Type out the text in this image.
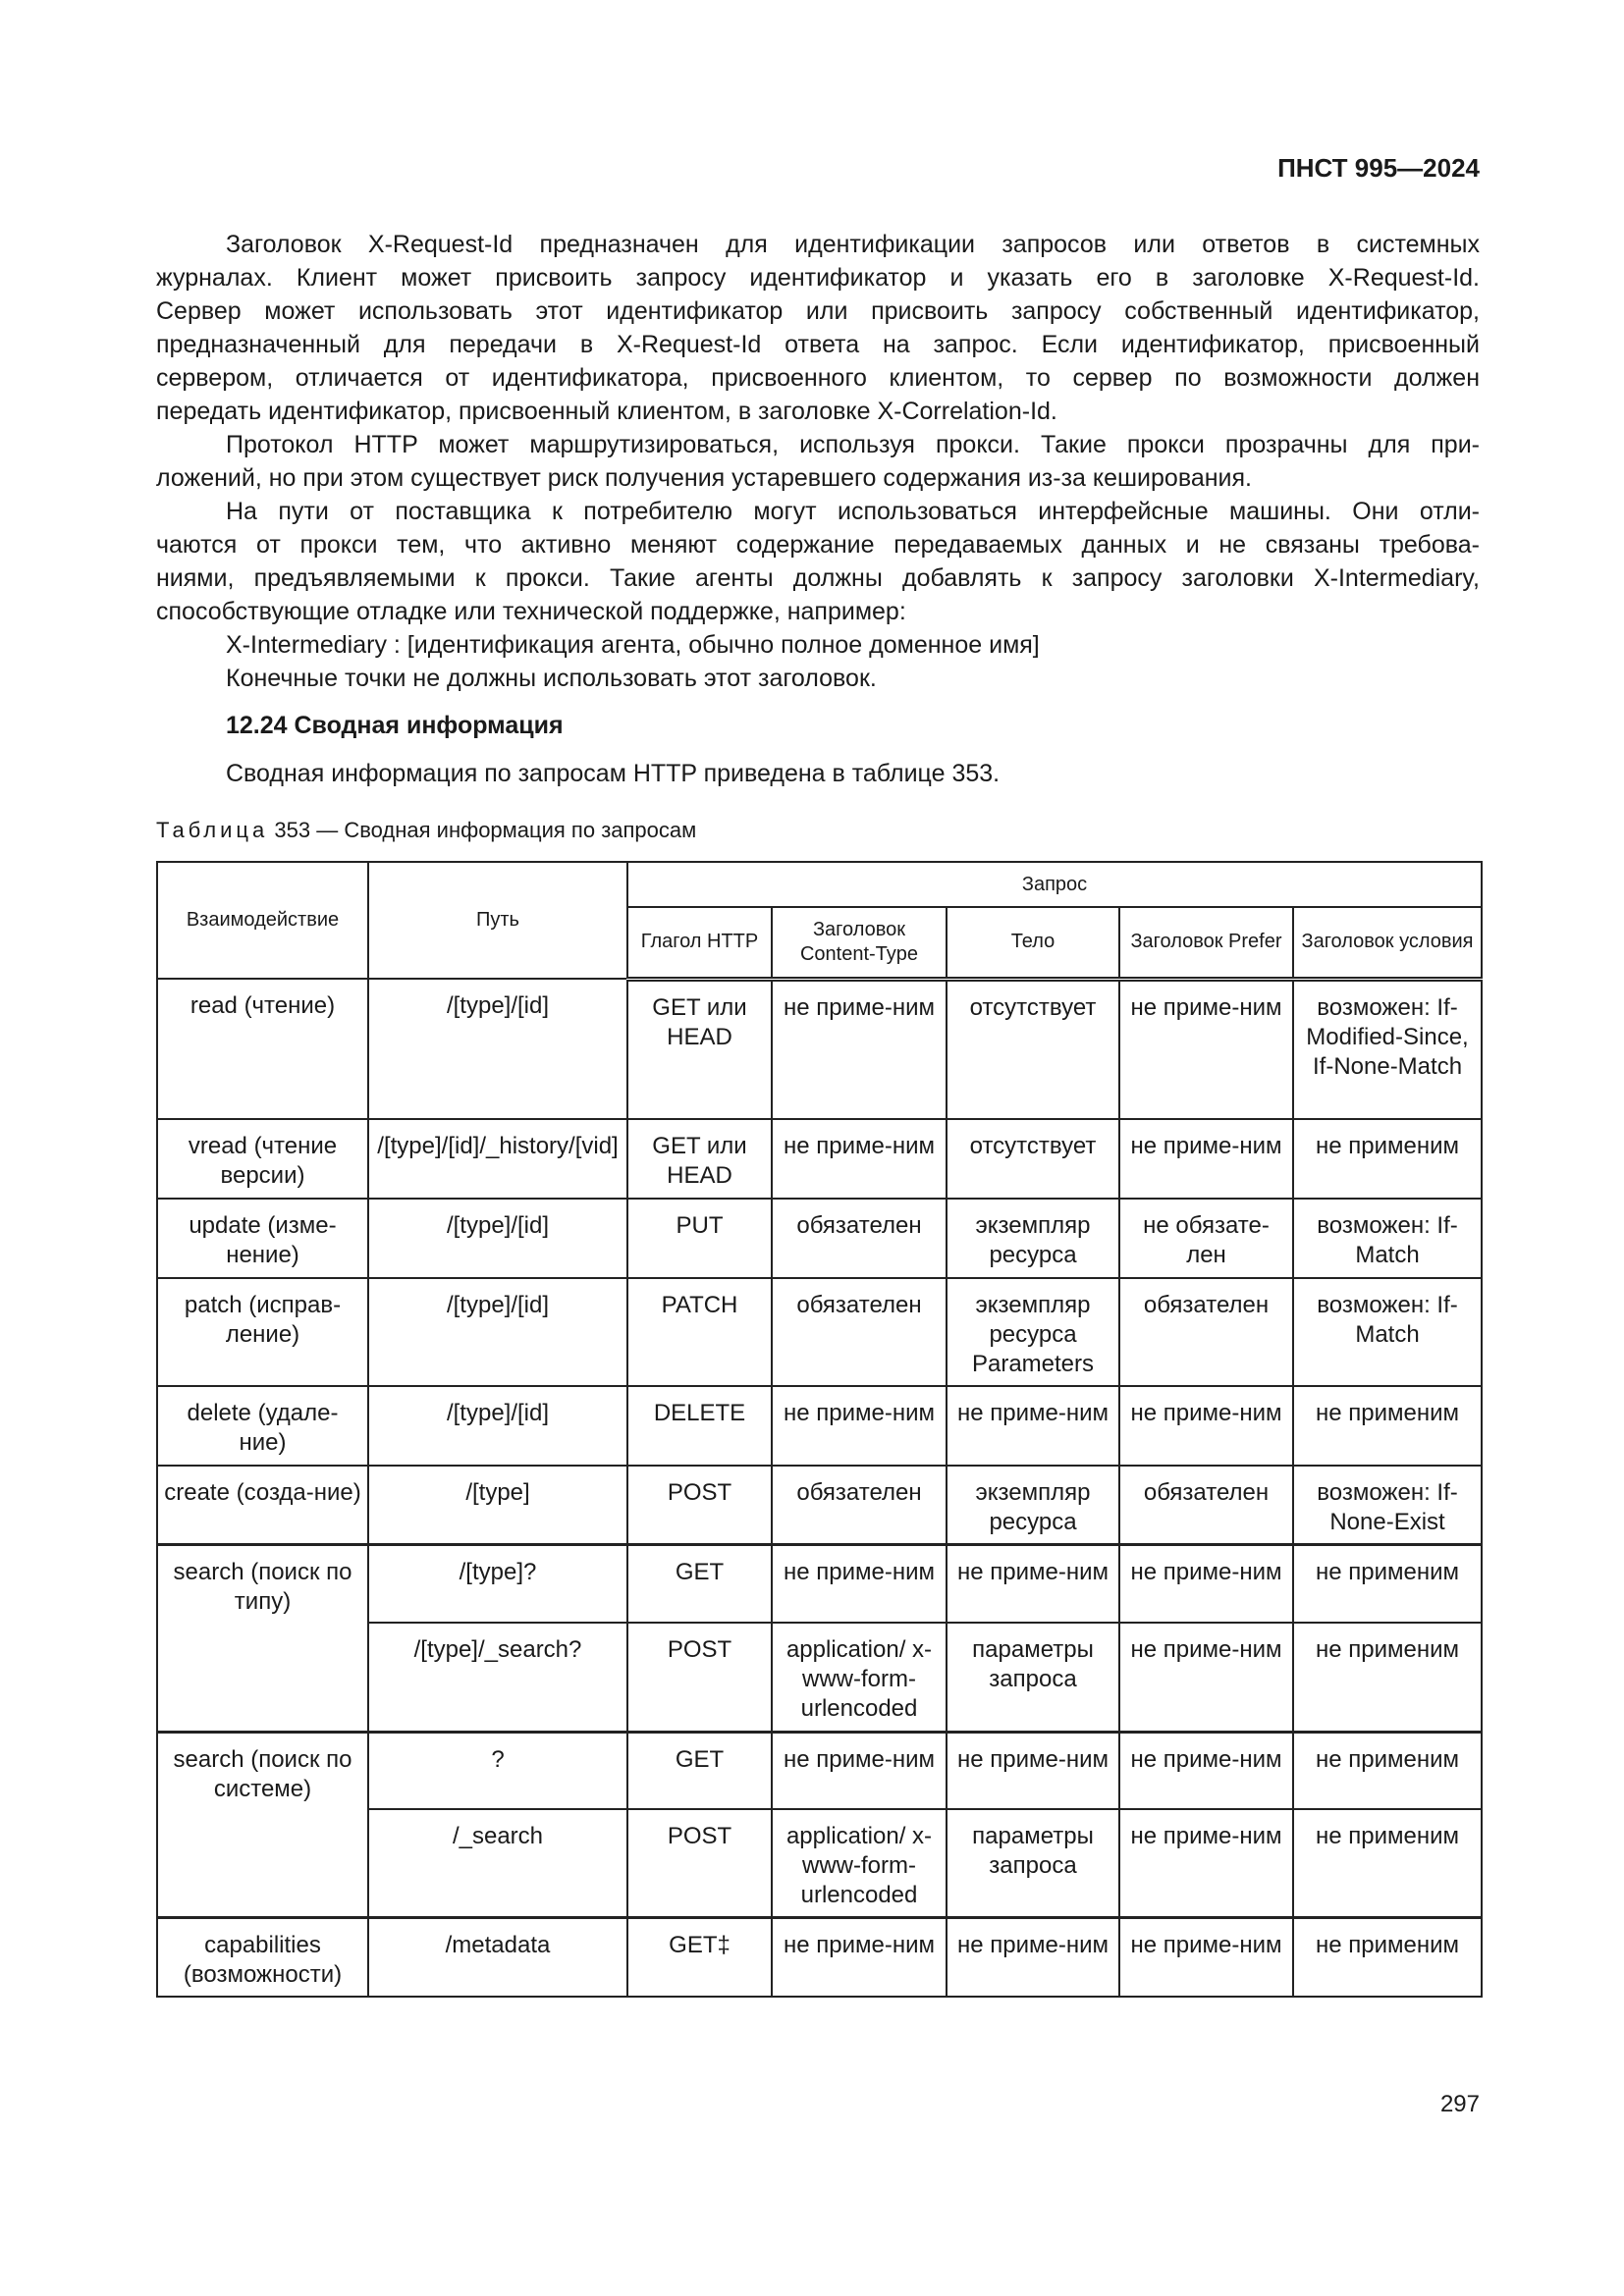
ПНСТ 995—2024
Заголовок X-Request-Id предназначен для идентификации запросов или ответов в системных
журналах. Клиент может присвоить запросу идентификатор и указать его в заголовке X-Request-Id.
Сервер может использовать этот идентификатор или присвоить запросу собственный идентификатор,
предназначенный для передачи в X-Request-Id ответа на запрос. Если идентификатор, присвоенный
сервером, отличается от идентификатора, присвоенного клиентом, то сервер по возможности должен
передать идентификатор, присвоенный клиентом, в заголовке X-Correlation-Id.
Протокол HTTP может маршрутизироваться, используя прокси. Такие прокси прозрачны для при-
ложений, но при этом существует риск получения устаревшего содержания из-за кеширования.
На пути от поставщика к потребителю могут использоваться интерфейсные машины. Они отли-
чаются от прокси тем, что активно меняют содержание передаваемых данных и не связаны требова-
ниями, предъявляемыми к прокси. Такие агенты должны добавлять к запросу заголовки X-Intermediary,
способствующие отладке или технической поддержке, например:
X-Intermediary : [идентификация агента, обычно полное доменное имя]
Конечные точки не должны использовать этот заголовок.
12.24 Сводная информация
Сводная информация по запросам HTTP приведена в таблице 353.
Таблица 353 — Сводная информация по запросам
Взаимодействие	Путь	Запрос				
		Глагол HTTP	Заголовок Content-Type	Тело	Заголовок Prefer	Заголовок условия
read (чтение)	/[type]/[id]	GET или HEAD	не приме-ним	отсутствует	не приме-ним	возможен: If-Modified-Since, If-None-Match
vread (чтение версии)	/[type]/[id]/_history/[vid]	GET или HEAD	не приме-ним	отсутствует	не приме-ним	не применим
update (изме-нение)	/[type]/[id]	PUT	обязателен	экземпляр ресурса	не обязате-лен	возможен: If-Match
patch (исправ-ление)	/[type]/[id]	PATCH	обязателен	экземпляр ресурса Parameters	обязателен	возможен: If-Match
delete (удале-ние)	/[type]/[id]	DELETE	не приме-ним	не приме-ним	не приме-ним	не применим
create (созда-ние)	/[type]	POST	обязателен	экземпляр ресурса	обязателен	возможен: If-None-Exist
search (поиск по типу)	/[type]?	GET	не приме-ним	не приме-ним	не приме-ним	не применим
	/[type]/_search?	POST	application/ x-www-form-urlencoded	параметры запроса	не приме-ним	не применим
search (поиск по системе)	?	GET	не приме-ним	не приме-ним	не приме-ним	не применим
	/_search	POST	application/ x-www-form-urlencoded	параметры запроса	не приме-ним	не применим
capabilities (возможности)	/metadata	GET‡	не приме-ним	не приме-ним	не приме-ним	не применим
297
